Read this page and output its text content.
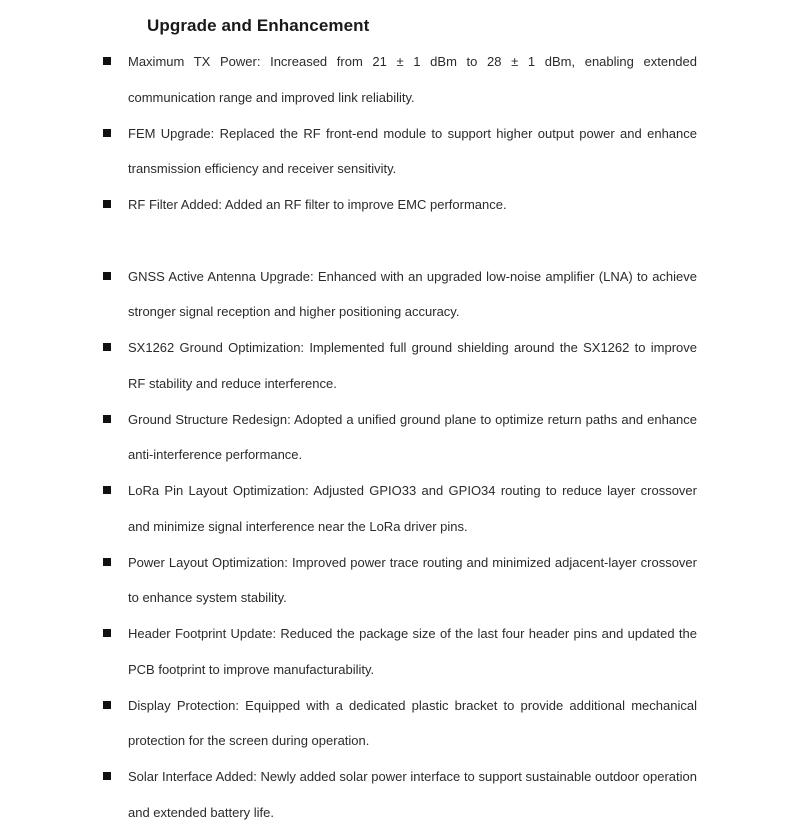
Upgrade and Enhancement
Maximum TX Power: Increased from 21 ± 1 dBm to 28 ± 1 dBm, enabling extended communication range and improved link reliability.
FEM Upgrade: Replaced the RF front-end module to support higher output power and enhance transmission efficiency and receiver sensitivity.
RF Filter Added: Added an RF filter to improve EMC performance.
GNSS Active Antenna Upgrade: Enhanced with an upgraded low-noise amplifier (LNA) to achieve stronger signal reception and higher positioning accuracy.
SX1262 Ground Optimization: Implemented full ground shielding around the SX1262 to improve RF stability and reduce interference.
Ground Structure Redesign: Adopted a unified ground plane to optimize return paths and enhance anti-interference performance.
LoRa Pin Layout Optimization: Adjusted GPIO33 and GPIO34 routing to reduce layer crossover and minimize signal interference near the LoRa driver pins.
Power Layout Optimization: Improved power trace routing and minimized adjacent-layer crossover to enhance system stability.
Header Footprint Update: Reduced the package size of the last four header pins and updated the PCB footprint to improve manufacturability.
Display Protection: Equipped with a dedicated plastic bracket to provide additional mechanical protection for the screen during operation.
Solar Interface Added: Newly added solar power interface to support sustainable outdoor operation and extended battery life.
